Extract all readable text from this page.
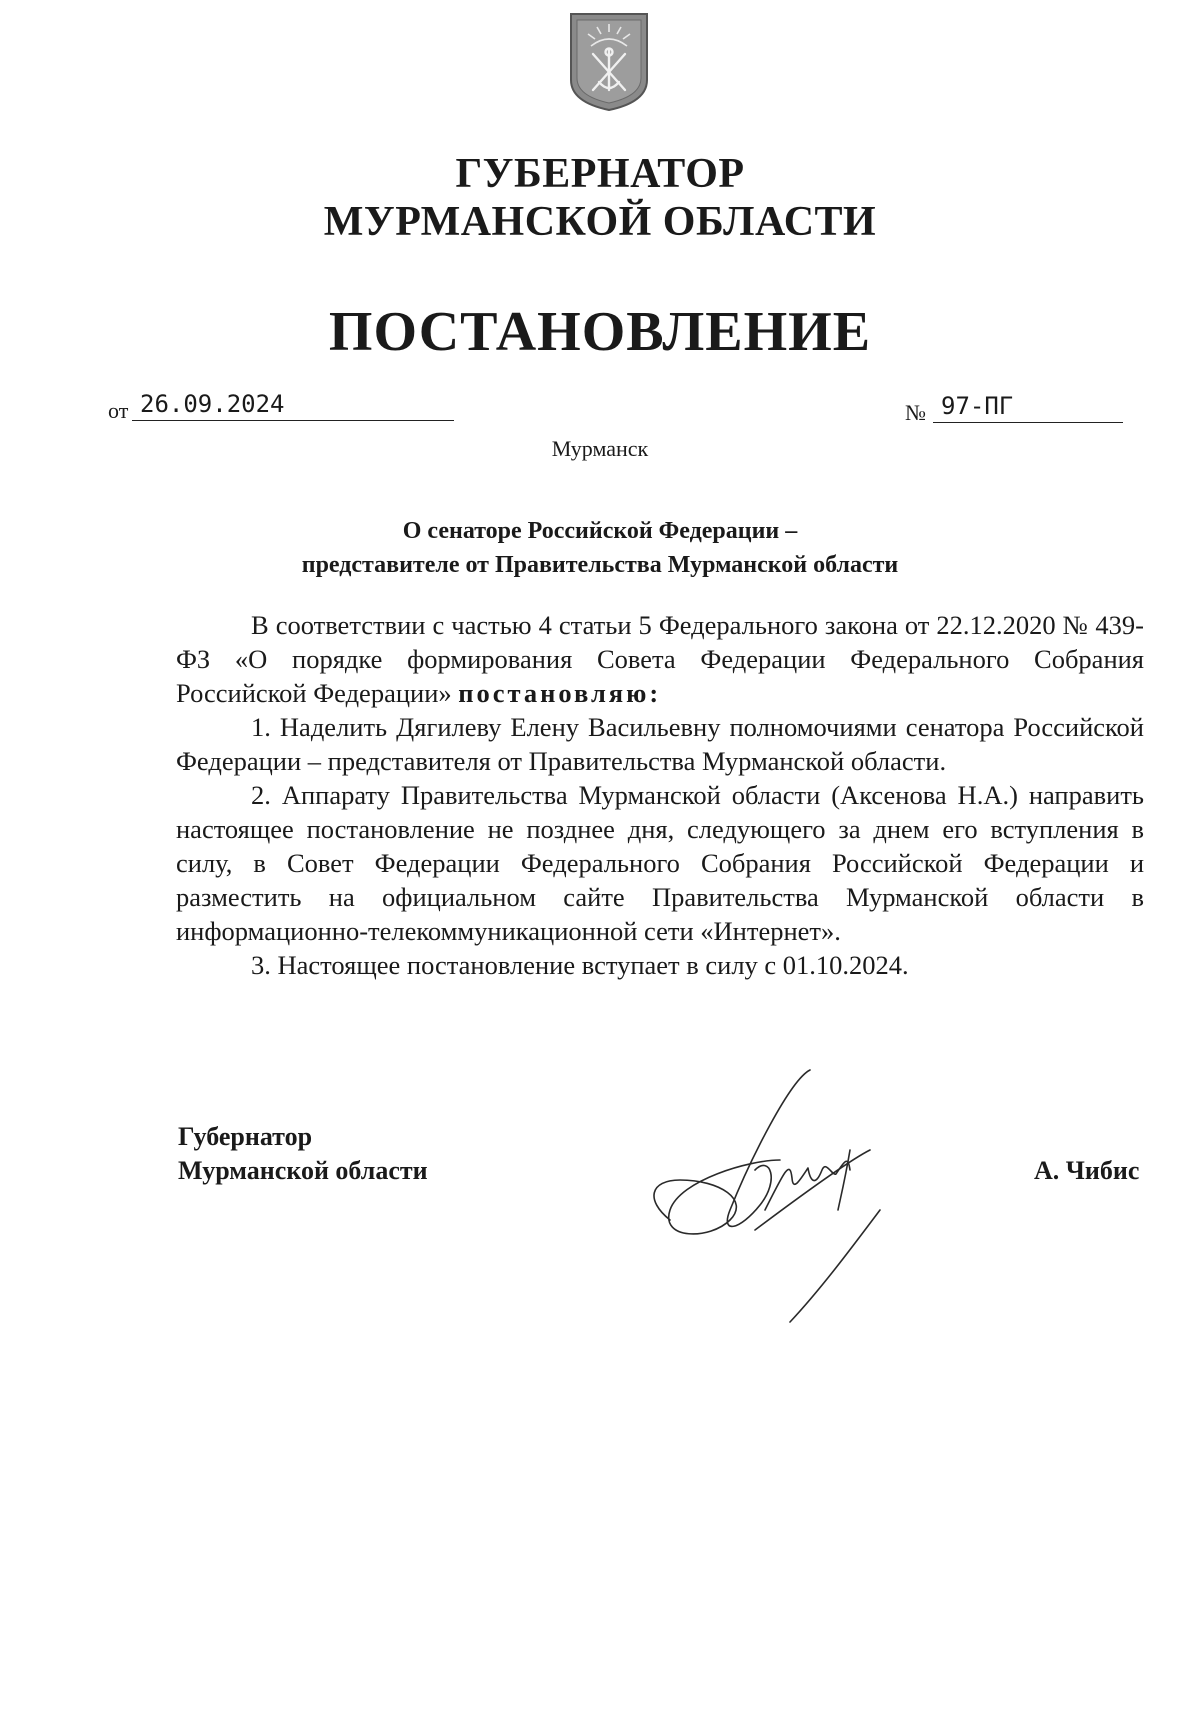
ГУБЕРНАТОР
МУРМАНСКОЙ ОБЛАСТИ
ПОСТАНОВЛЕНИЕ
от 26.09.2024	№ 97-ПГ
Мурманск
О сенаторе Российской Федерации –
представителе от Правительства Мурманской области

В соответствии с частью 4 статьи 5 Федерального закона от 22.12.2020 № 439-ФЗ «О порядке формирования Совета Федерации Федерального Собрания Российской Федерации» постановляю:

1. Наделить Дягилеву Елену Васильевну полномочиями сенатора Российской Федерации – представителя от Правительства Мурманской области.

2. Аппарату Правительства Мурманской области (Аксенова Н.А.) направить настоящее постановление не позднее дня, следующего за днем его вступления в силу, в Совет Федерации Федерального Собрания Российской Федерации и разместить на официальном сайте Правительства Мурманской области в информационно-телекоммуникационной сети «Интернет».

3. Настоящее постановление вступает в силу с 01.10.2024.

Губернатор
Мурманской области	А. Чибис
